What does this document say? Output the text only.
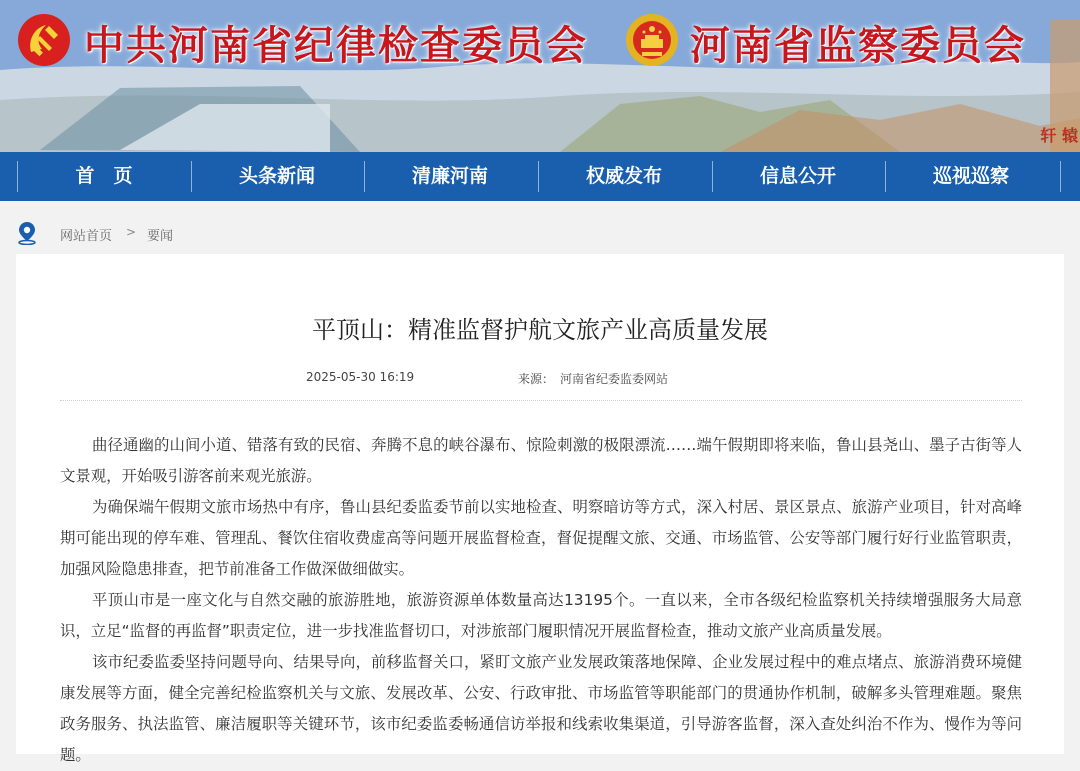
中共河南省纪律检查委员会	河南省监察委员会
轩 辕
首　页	头条新闻	清廉河南	权威发布	信息公开	巡视巡察
网站首页 > 要闻
平顶山：精准监督护航文旅产业高质量发展
2025-05-30 16:19	来源： 河南省纪委监委网站

曲径通幽的山间小道、错落有致的民宿、奔腾不息的峡谷瀑布、惊险刺激的极限漂流……端午假期即将来临，鲁山县尧山、墨子古街等人文景观，开始吸引游客前来观光旅游。

为确保端午假期文旅市场热中有序，鲁山县纪委监委节前以实地检查、明察暗访等方式，深入村居、景区景点、旅游产业项目，针对高峰期可能出现的停车难、管理乱、餐饮住宿收费虚高等问题开展监督检查，督促提醒文旅、交通、市场监管、公安等部门履行好行业监管职责，加强风险隐患排查，把节前准备工作做深做细做实。

平顶山市是一座文化与自然交融的旅游胜地，旅游资源单体数量高达13195个。一直以来，全市各级纪检监察机关持续增强服务大局意识，立足“监督的再监督”职责定位，进一步找准监督切口，对涉旅部门履职情况开展监督检查，推动文旅产业高质量发展。

该市纪委监委坚持问题导向、结果导向，前移监督关口，紧盯文旅产业发展政策落地保障、企业发展过程中的难点堵点、旅游消费环境健康发展等方面，健全完善纪检监察机关与文旅、发展改革、公安、行政审批、市场监管等职能部门的贯通协作机制，破解多头管理难题。聚焦政务服务、执法监管、廉洁履职等关键环节，该市纪委监委畅通信访举报和线索收集渠道，引导游客监督，深入查处纠治不作为、慢作为等问题。
